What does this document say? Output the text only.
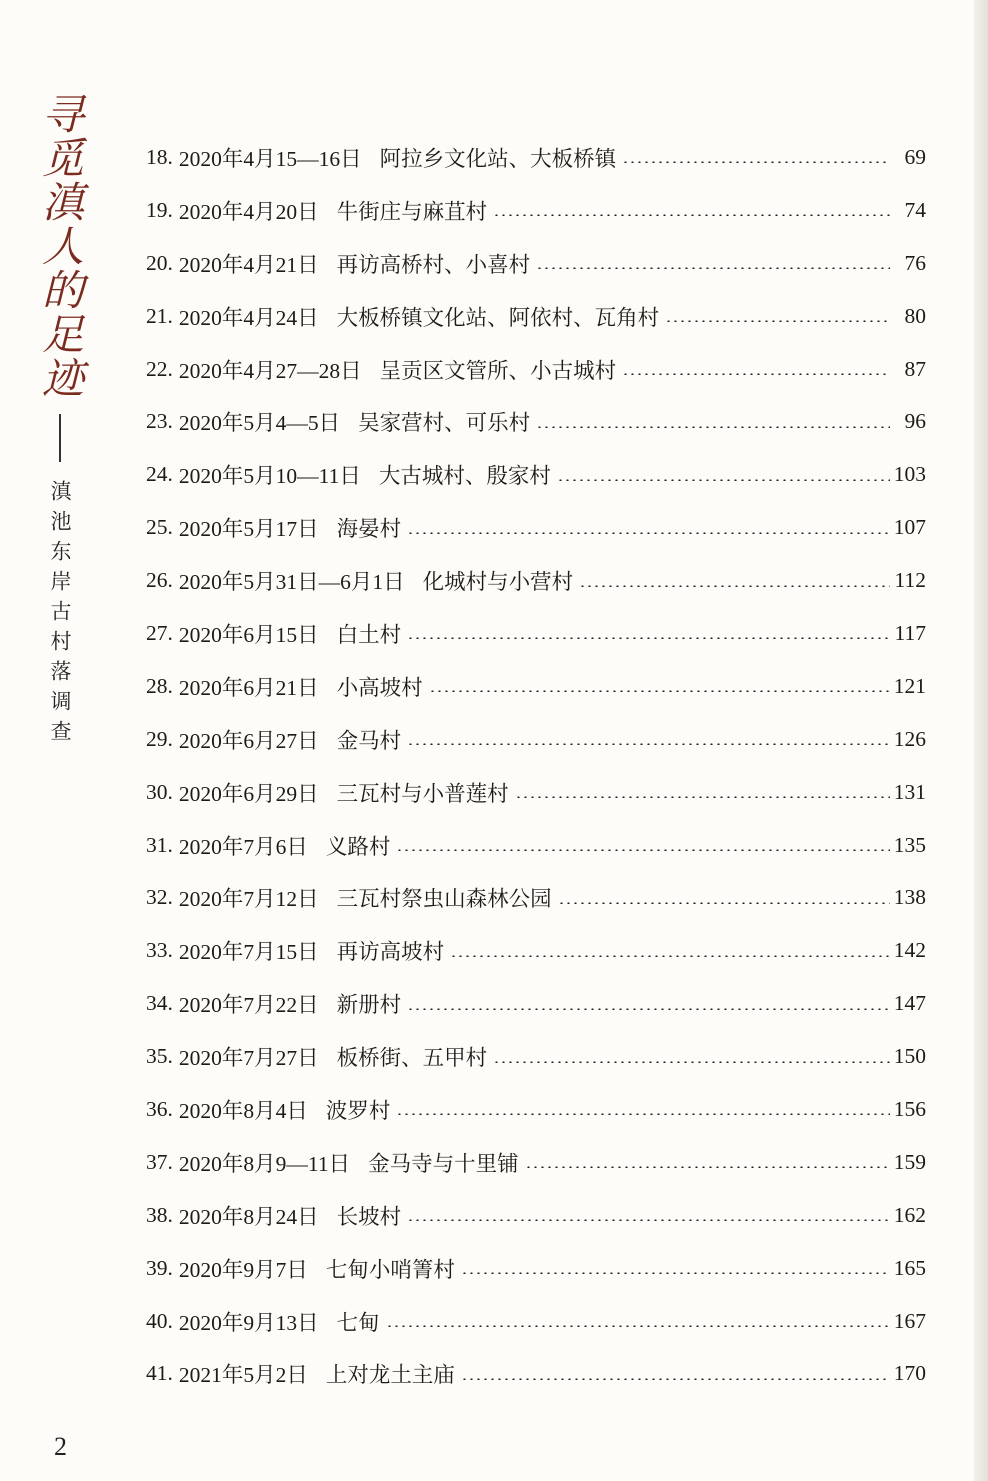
寻觅滇人的足迹
滇池东岸古村落调查
18. 2020年4月15—16日 阿拉乡文化站、大板桥镇	69
19. 2020年4月20日 牛街庄与麻苴村	74
20. 2020年4月21日 再访高桥村、小喜村	76
21. 2020年4月24日 大板桥镇文化站、阿依村、瓦角村	80
22. 2020年4月27—28日 呈贡区文管所、小古城村	87
23. 2020年5月4—5日 吴家营村、可乐村	96
24. 2020年5月10—11日 大古城村、殷家村	103
25. 2020年5月17日 海晏村	107
26. 2020年5月31日—6月1日 化城村与小营村	112
27. 2020年6月15日 白土村	117
28. 2020年6月21日 小高坡村	121
29. 2020年6月27日 金马村	126
30. 2020年6月29日 三瓦村与小普莲村	131
31. 2020年7月6日 义路村	135
32. 2020年7月12日 三瓦村祭虫山森林公园	138
33. 2020年7月15日 再访高坡村	142
34. 2020年7月22日 新册村	147
35. 2020年7月27日 板桥街、五甲村	150
36. 2020年8月4日 波罗村	156
37. 2020年8月9—11日 金马寺与十里铺	159
38. 2020年8月24日 长坡村	162
39. 2020年9月7日 七甸小哨箐村	165
40. 2020年9月13日 七甸	167
41. 2021年5月2日 上对龙土主庙	170
2
